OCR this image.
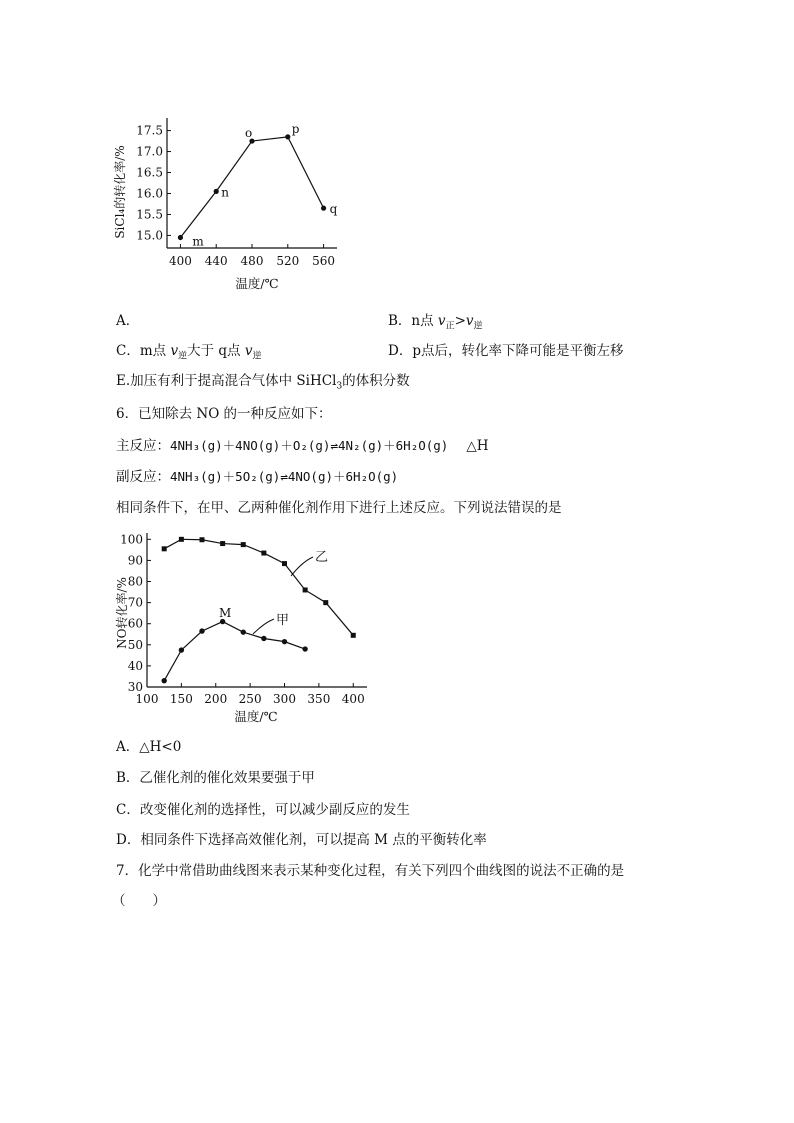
15.0
15.5
16.0
16.5
17.0
17.5
400 440 480 520 560
m
n
o	p
q
SiCl₄的转化率/%
温度/℃
A．	B．n点 $v_正>v_逆$
C．m点 $v_逆$大于 q点 $v_逆$	D．p点后，转化率下降可能是平衡左移
E.加压有利于提高混合气体中 SiHCl$_3$的体积分数
6．已知除去 NO 的一种反应如下：
主反应：4NH₃(g)＋4NO(g)＋O₂(g)⇌4N₂(g)＋6H₂O(g) △H
副反应：4NH₃(g)＋5O₂(g)⇌4NO(g)＋6H₂O(g)
相同条件下，在甲、乙两种催化剂作用下进行上述反应。下列说法错误的是
30
40
50
60
70
80
90
100
100 150 200 250 300 350 400
NO转化率/%
温度/℃
乙
甲
M
A．△H<0
B．乙催化剂的催化效果要强于甲
C．改变催化剂的选择性，可以减少副反应的发生
D．相同条件下选择高效催化剂，可以提高 M 点的平衡转化率
7．化学中常借助曲线图来表示某种变化过程，有关下列四个曲线图的说法不正确的是
（　　）
